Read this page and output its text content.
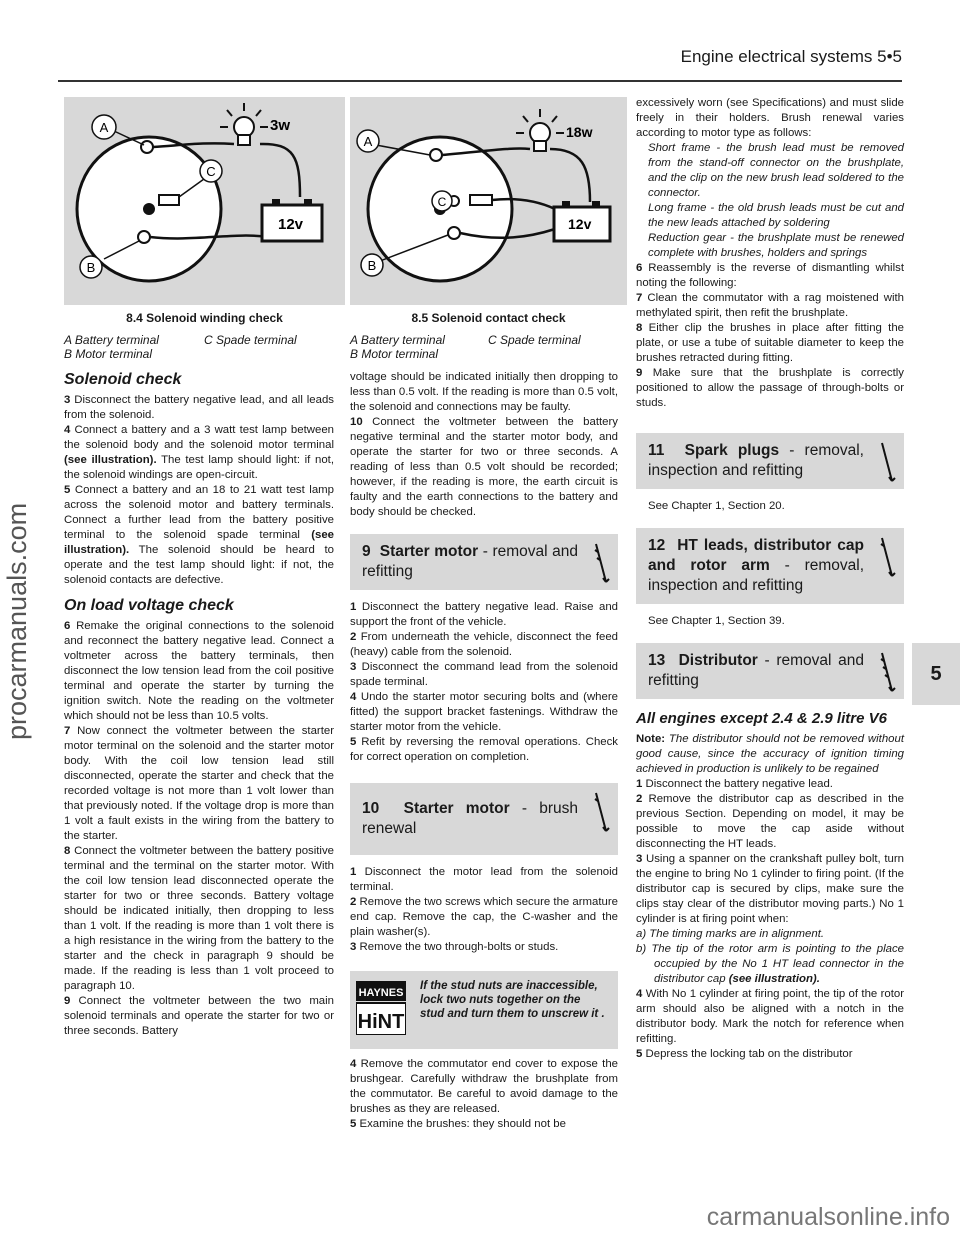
Engine electrical systems 5•5
5
procarmanuals.com
carmanualsonline.info
A
C
B
3w
12v
8.4 Solenoid winding check
A Battery terminal	C Spade terminal
B Motor terminal
A
C
B
18w
12v
8.5 Solenoid contact check
A Battery terminal	C Spade terminal
B Motor terminal
Solenoid check

3 Disconnect the battery negative lead, and all leads from the solenoid.

4 Connect a battery and a 3 watt test lamp between the solenoid body and the solenoid motor terminal (see illustration). The test lamp should light: if not, the solenoid windings are open-circuit.

5 Connect a battery and an 18 to 21 watt test lamp across the solenoid motor and battery terminals. Connect a further lead from the battery positive terminal to the solenoid spade terminal (see illustration). The solenoid should be heard to operate and the test lamp should light: if not, the solenoid contacts are defective.

On load voltage check

6 Remake the original connections to the solenoid and reconnect the battery negative lead. Connect a voltmeter across the battery terminals, then disconnect the low tension lead from the coil positive terminal and operate the starter by turning the ignition switch. Note the reading on the voltmeter which should not be less than 10.5 volts.

7 Now connect the voltmeter between the starter motor terminal on the solenoid and the starter motor body. With the coil low tension lead still disconnected, operate the starter and check that the recorded voltage is not more than 1 volt lower than that previously noted. If the voltage drop is more than 1 volt a fault exists in the wiring from the battery to the starter.

8 Connect the voltmeter between the battery positive terminal and the terminal on the starter motor. With the coil low tension lead disconnected operate the starter for two or three seconds. Battery voltage should be indicated initially, then dropping to less than 1 volt. If the reading is more than 1 volt there is a high resistance in the wiring from the battery to the starter and the check in paragraph 9 should be made. If the reading is less than 1 volt proceed to paragraph 10.

9 Connect the voltmeter between the two main solenoid terminals and operate the starter for two or three seconds. Battery

voltage should be indicated initially then dropping to less than 0.5 volt. If the reading is more than 0.5 volt, the solenoid and connections may be faulty.

10 Connect the voltmeter between the battery negative terminal and the starter motor body, and operate the starter for two or three seconds. A reading of less than 0.5 volt should be recorded; however, if the reading is more, the earth circuit is faulty and the earth connections to the battery and body should be checked.

9 Starter motor - removal and refitting

1 Disconnect the battery negative lead. Raise and support the front of the vehicle.

2 From underneath the vehicle, disconnect the feed (heavy) cable from the solenoid.

3 Disconnect the command lead from the solenoid spade terminal.

4 Undo the starter motor securing bolts and (where fitted) the support bracket fastenings. Withdraw the starter motor from the vehicle.

5 Refit by reversing the removal operations. Check for correct operation on completion.

10 Starter motor - brush renewal

1 Disconnect the motor lead from the solenoid terminal.

2 Remove the two screws which secure the armature end cap. Remove the cap, the C-washer and the plain washer(s).

3 Remove the two through-bolts or studs.

HAYNES
HiNT
If the stud nuts are inaccessible, lock two nuts together on the stud and turn them to unscrew it .

4 Remove the commutator end cover to expose the brushgear. Carefully withdraw the brushplate from the commutator. Be careful to avoid damage to the brushes as they are released.

5 Examine the brushes: they should not be

excessively worn (see Specifications) and must slide freely in their holders. Brush renewal varies according to motor type as follows:

Short frame - the brush lead must be removed from the stand-off connector on the brushplate, and the clip on the new brush lead soldered to the connector.

Long frame - the old brush leads must be cut and the new leads attached by soldering

Reduction gear - the brushplate must be renewed complete with brushes, holders and springs

6 Reassembly is the reverse of dismantling whilst noting the following:

7 Clean the commutator with a rag moistened with methylated spirit, then refit the brushplate.

8 Either clip the brushes in place after fitting the plate, or use a tube of suitable diameter to keep the brushes retracted during fitting.

9 Make sure that the brushplate is correctly positioned to allow the passage of through-bolts or studs.

11 Spark plugs - removal, inspection and refitting

See Chapter 1, Section 20.

12 HT leads, distributor cap and rotor arm - removal, inspection and refitting

See Chapter 1, Section 39.

13 Distributor - removal and refitting
All engines except 2.4 & 2.9 litre V6

Note: The distributor should not be removed without good cause, since the accuracy of ignition timing achieved in production is unlikely to be regained

1 Disconnect the battery negative lead.

2 Remove the distributor cap as described in the previous Section. Depending on model, it may be possible to move the cap aside without disconnecting the HT leads.

3 Using a spanner on the crankshaft pulley bolt, turn the engine to bring No 1 cylinder to firing point. (If the distributor cap is secured by clips, make sure the clips stay clear of the distributor moving parts.) No 1 cylinder is at firing point when:

a) The timing marks are in alignment.
b) The tip of the rotor arm is pointing to the place occupied by the No 1 HT lead connector in the distributor cap (see illustration).

4 With No 1 cylinder at firing point, the tip of the rotor arm should also be aligned with a notch in the distributor body. Mark the notch for reference when refitting.

5 Depress the locking tab on the distributor
